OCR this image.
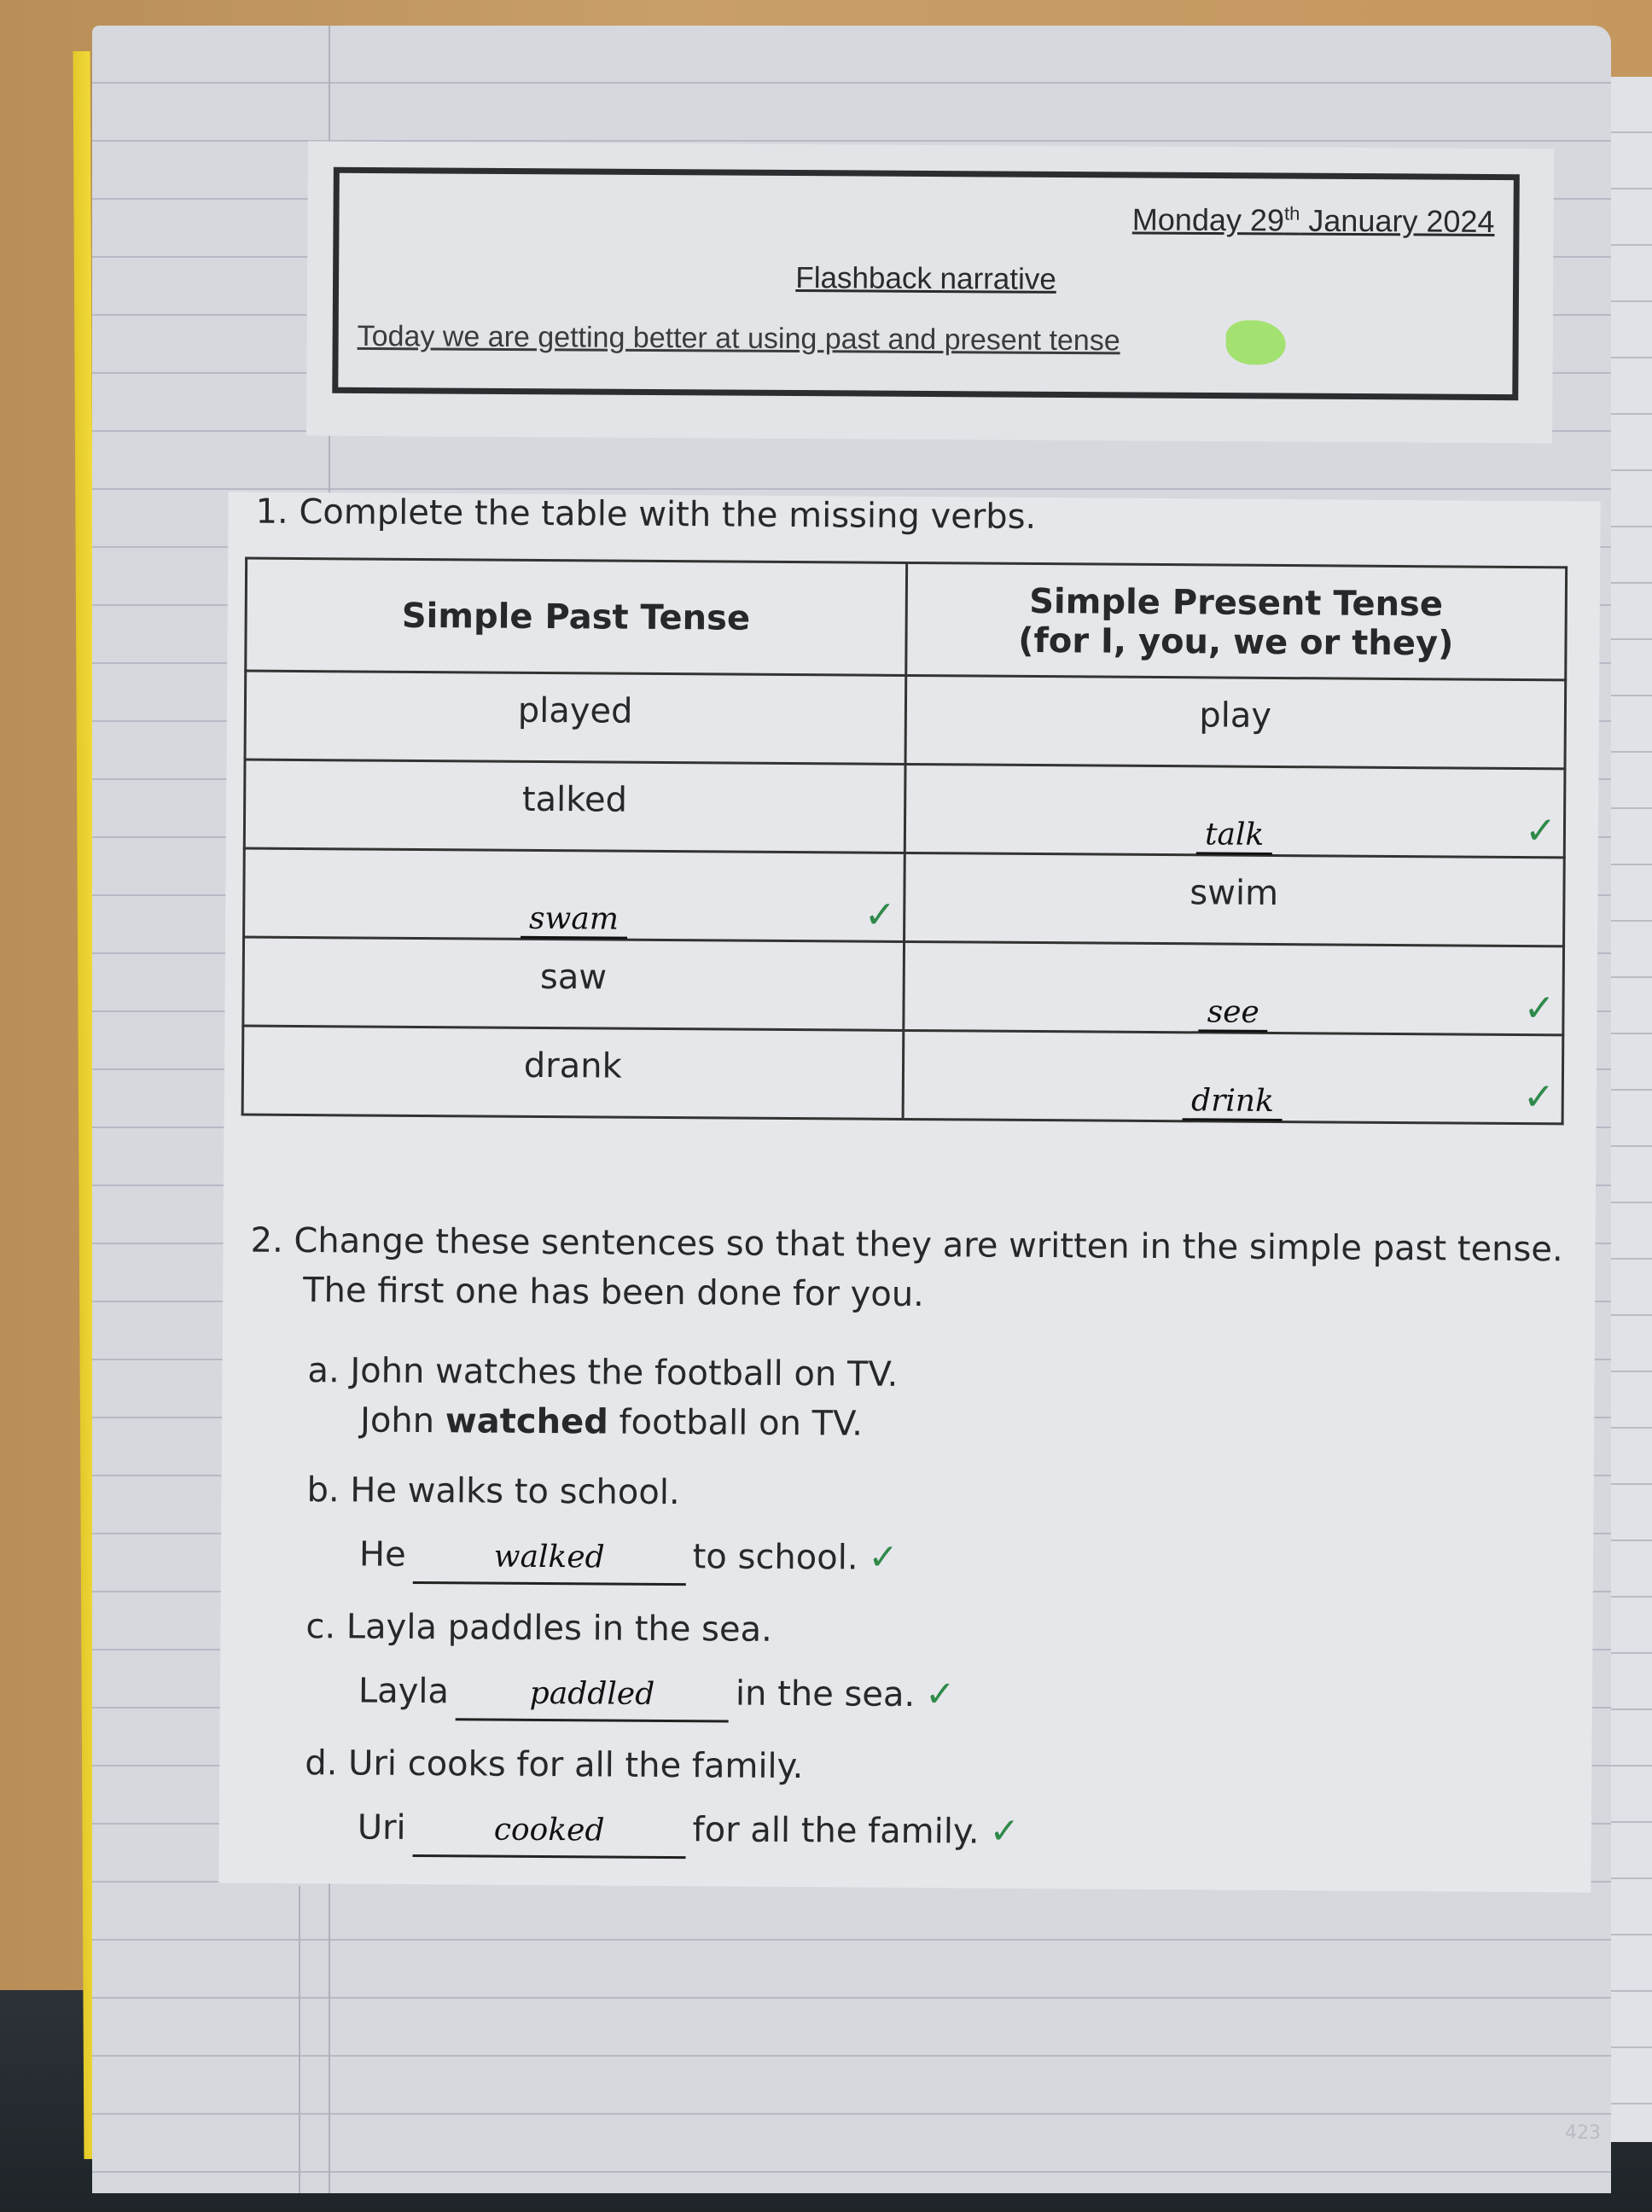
Monday 29th January 2024
Flashback narrative
Today we are getting better at using past and present tense
1. Complete the table with the missing verbs.
Simple Past Tense	Simple Present Tense
(for I, you, we or they)

played	play
talked	talk ✓

swam ✓	swim
saw	see ✓

drank	drink ✓
2. Change these sentences so that they are written in the simple past tense.
The first one has been done for you.
a. John watches the football on TV.
John watched football on TV.
b. He walks to school.
He	walked	to school. ✓
c. Layla paddles in the sea.
Layla	paddled in the sea. ✓
d. Uri cooks for all the family.
Uri	cooked	for all the family. ✓
423
